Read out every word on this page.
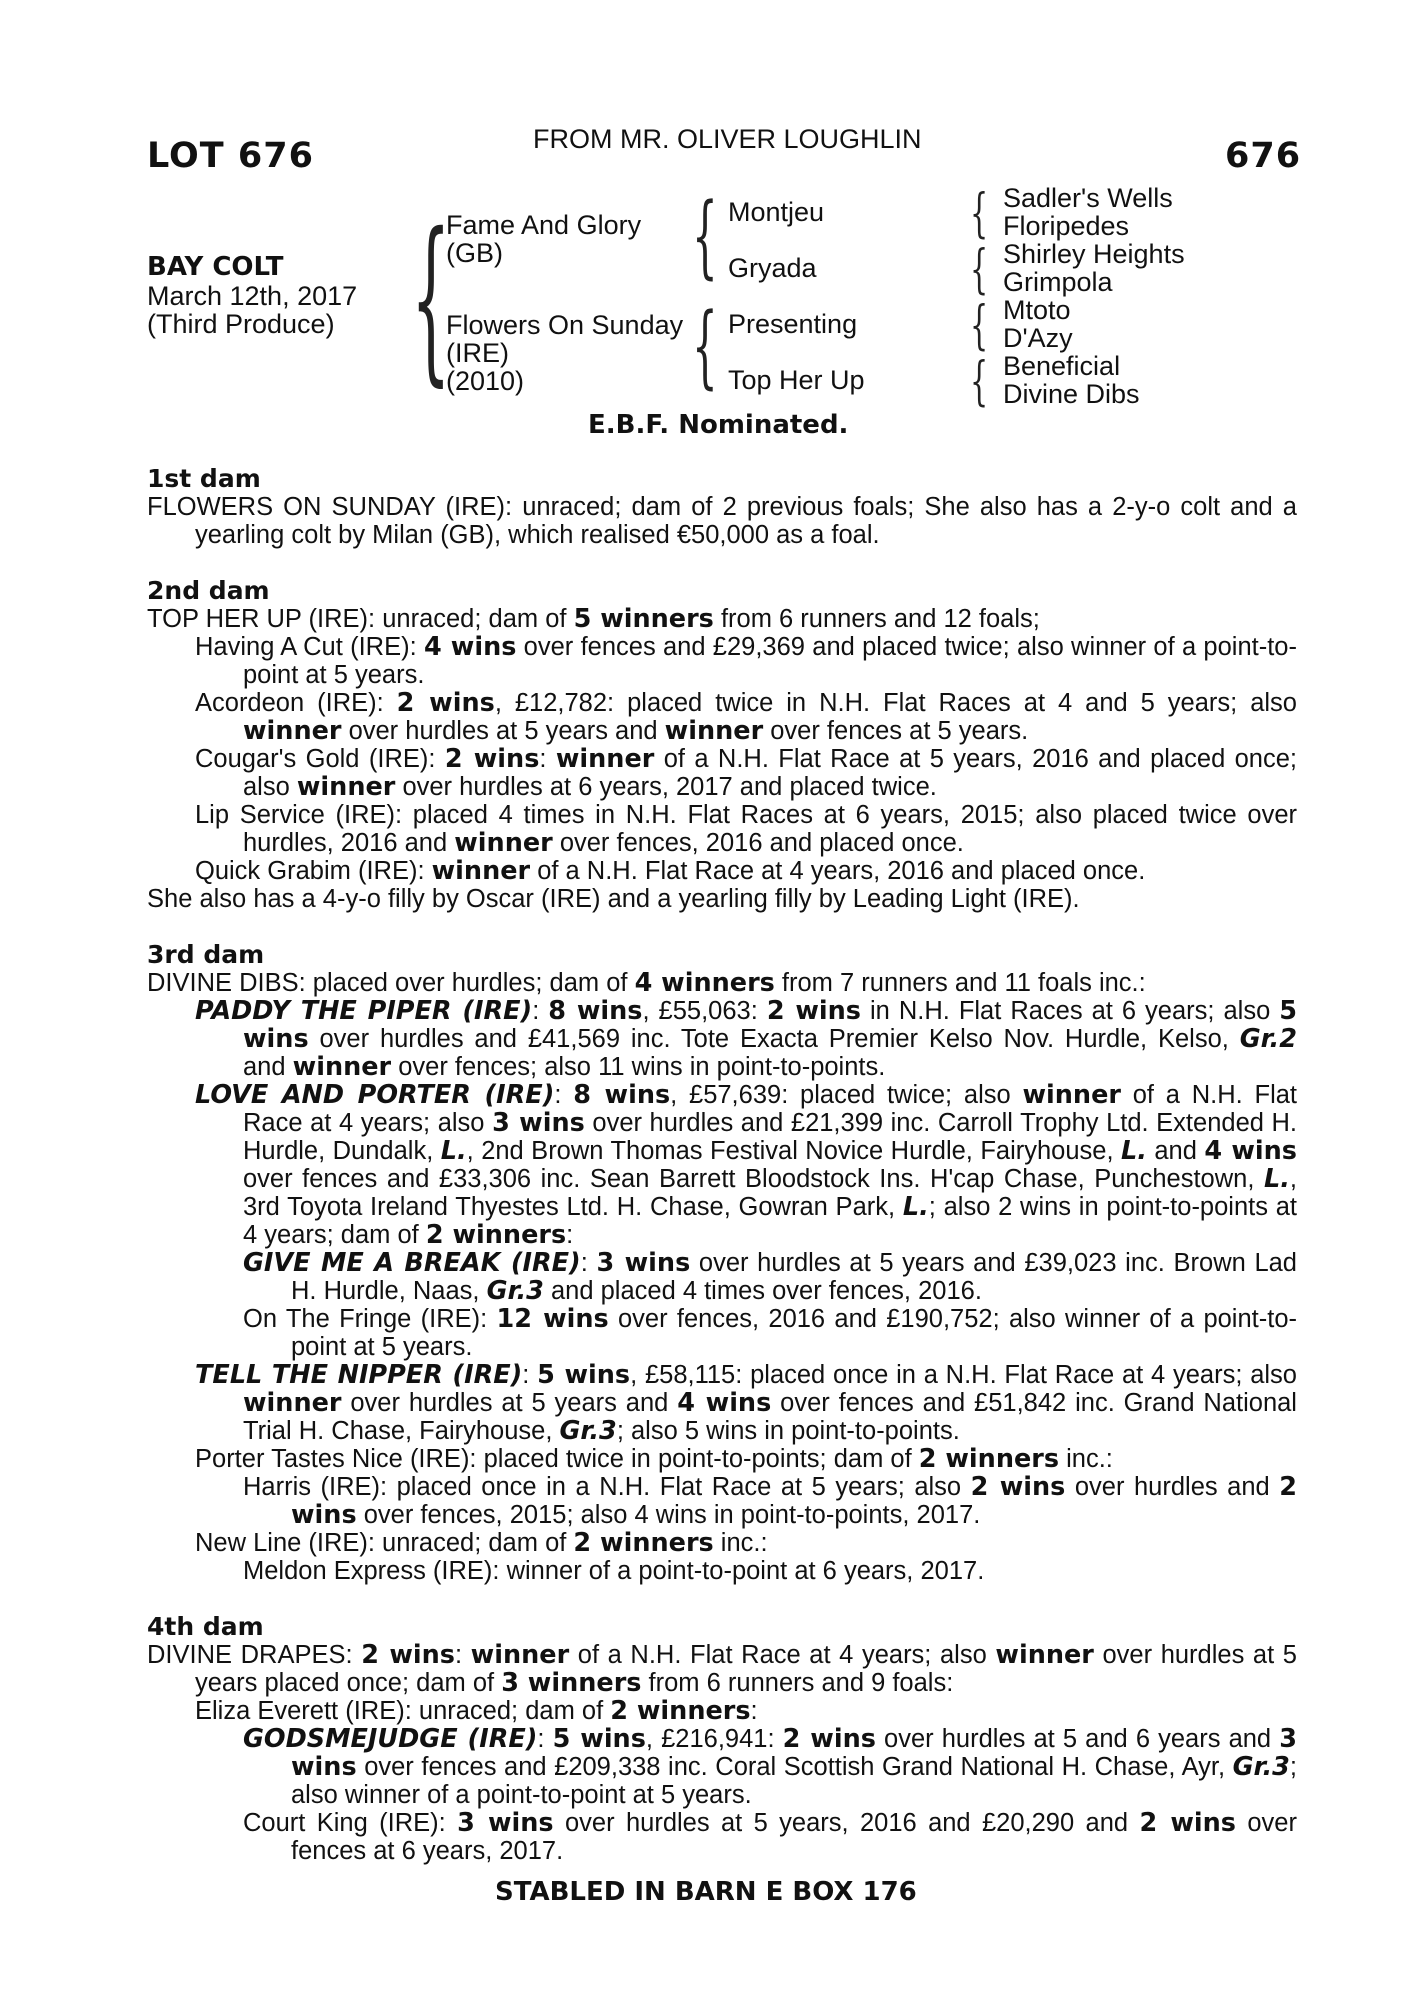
LOT 676	FROM MR. OLIVER LOUGHLIN	676
BAY COLT
March 12th, 2017
(Third Produce) {
Fame And Glory
(GB)
Flowers On Sunday
(IRE)
(2010)
{
{
Montjeu
Gryada
Presenting
Top Her Up
{
{
{
{
Sadler's Wells
Floripedes
Shirley Heights
Grimpola
Mtoto
D'Azy
Beneficial
Divine Dibs
E.B.F. Nominated.
1st dam

FLOWERS ON SUNDAY (IRE): unraced; dam of 2 previous foals; She also has a 2-y-o colt and a yearling colt by Milan (GB), which realised €50,000 as a foal.

2nd dam

TOP HER UP (IRE): unraced; dam of 5 winners from 6 runners and 12 foals;

Having A Cut (IRE): 4 wins over fences and £29,369 and placed twice; also winner of a point-to-point at 5 years.

Acordeon (IRE): 2 wins, £12,782: placed twice in N.H. Flat Races at 4 and 5 years; also winner over hurdles at 5 years and winner over fences at 5 years.

Cougar's Gold (IRE): 2 wins: winner of a N.H. Flat Race at 5 years, 2016 and placed once; also winner over hurdles at 6 years, 2017 and placed twice.

Lip Service (IRE): placed 4 times in N.H. Flat Races at 6 years, 2015; also placed twice over hurdles, 2016 and winner over fences, 2016 and placed once.

Quick Grabim (IRE): winner of a N.H. Flat Race at 4 years, 2016 and placed once.

She also has a 4-y-o filly by Oscar (IRE) and a yearling filly by Leading Light (IRE).

3rd dam

DIVINE DIBS: placed over hurdles; dam of 4 winners from 7 runners and 11 foals inc.:

PADDY THE PIPER (IRE): 8 wins, £55,063: 2 wins in N.H. Flat Races at 6 years; also 5 wins over hurdles and £41,569 inc. Tote Exacta Premier Kelso Nov. Hurdle, Kelso, Gr.2 and winner over fences; also 11 wins in point-to-points.

LOVE AND PORTER (IRE): 8 wins, £57,639: placed twice; also winner of a N.H. Flat Race at 4 years; also 3 wins over hurdles and £21,399 inc. Carroll Trophy Ltd. Extended H. Hurdle, Dundalk, L., 2nd Brown Thomas Festival Novice Hurdle, Fairyhouse, L. and 4 wins over fences and £33,306 inc. Sean Barrett Bloodstock Ins. H'cap Chase, Punchestown, L., 3rd Toyota Ireland Thyestes Ltd. H. Chase, Gowran Park, L.; also 2 wins in point-to-points at 4 years; dam of 2 winners:

GIVE ME A BREAK (IRE): 3 wins over hurdles at 5 years and £39,023 inc. Brown Lad H. Hurdle, Naas, Gr.3 and placed 4 times over fences, 2016.

On The Fringe (IRE): 12 wins over fences, 2016 and £190,752; also winner of a point-to-point at 5 years.

TELL THE NIPPER (IRE): 5 wins, £58,115: placed once in a N.H. Flat Race at 4 years; also winner over hurdles at 5 years and 4 wins over fences and £51,842 inc. Grand National Trial H. Chase, Fairyhouse, Gr.3; also 5 wins in point-to-points.

Porter Tastes Nice (IRE): placed twice in point-to-points; dam of 2 winners inc.:

Harris (IRE): placed once in a N.H. Flat Race at 5 years; also 2 wins over hurdles and 2 wins over fences, 2015; also 4 wins in point-to-points, 2017.

New Line (IRE): unraced; dam of 2 winners inc.:

Meldon Express (IRE): winner of a point-to-point at 6 years, 2017.

4th dam

DIVINE DRAPES: 2 wins: winner of a N.H. Flat Race at 4 years; also winner over hurdles at 5 years placed once; dam of 3 winners from 6 runners and 9 foals:

Eliza Everett (IRE): unraced; dam of 2 winners:

GODSMEJUDGE (IRE): 5 wins, £216,941: 2 wins over hurdles at 5 and 6 years and 3 wins over fences and £209,338 inc. Coral Scottish Grand National H. Chase, Ayr, Gr.3; also winner of a point-to-point at 5 years.

Court King (IRE): 3 wins over hurdles at 5 years, 2016 and £20,290 and 2 wins over fences at 6 years, 2017.

STABLED IN BARN E BOX 176
